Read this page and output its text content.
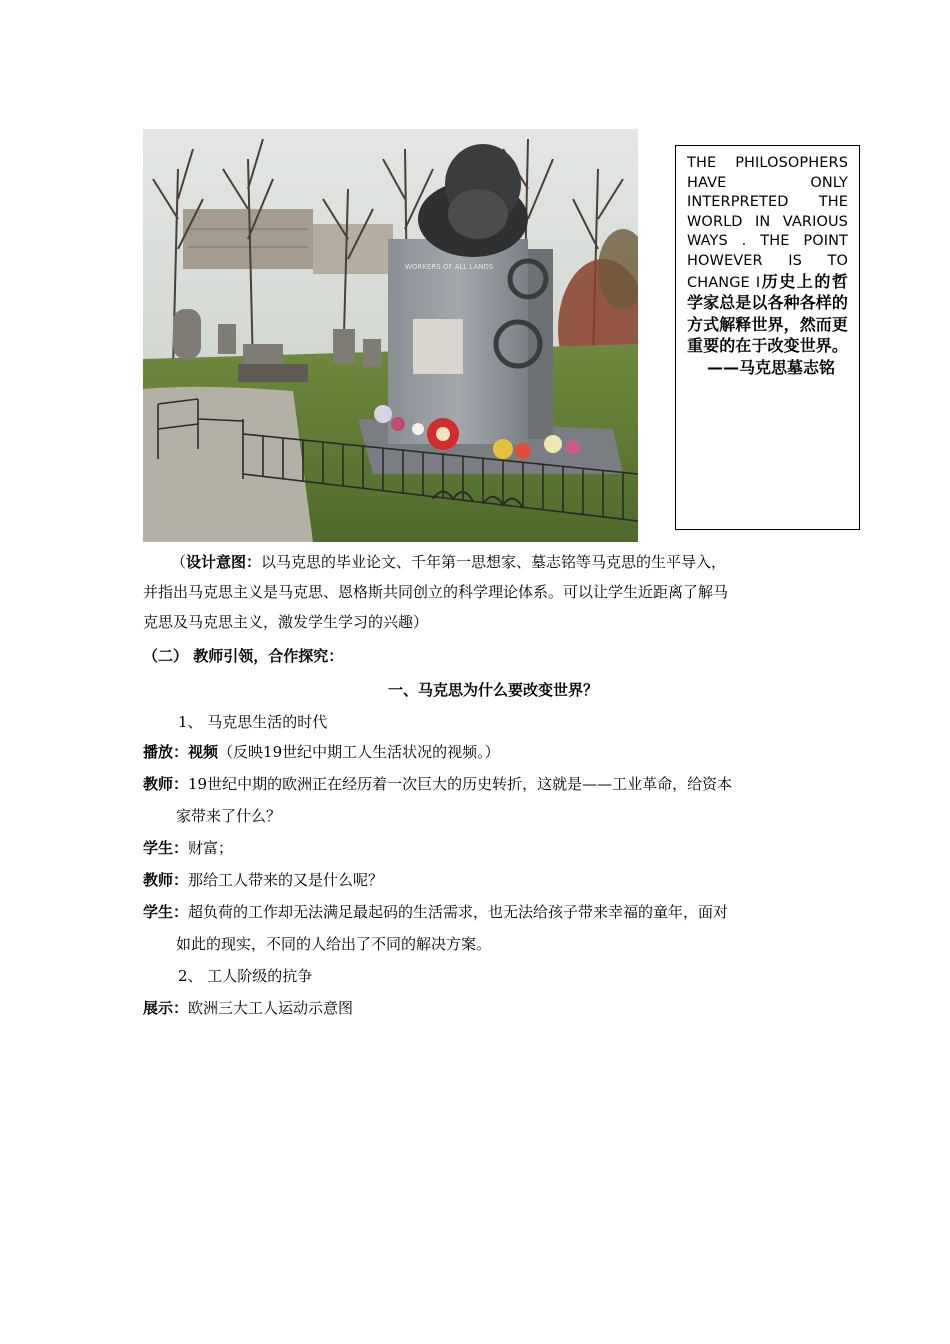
WORKERS OF ALL LANDS

THE PHILOSOPHERS HAVE ONLY INTERPRETED THE WORLD IN VARIOUS WAYS . THE POINT HOWEVER IS TO CHANGE I历史上的哲学家总是以各种各样的方式解释世界，然而更重要的在于改变世界。

——马克思墓志铭

（设计意图：以马克思的毕业论文、千年第一思想家、墓志铭等马克思的生平导入，

并指出马克思主义是马克思、恩格斯共同创立的科学理论体系。可以让学生近距离了解马

克思及马克思主义，激发学生学习的兴趣）

（二） 教师引领，合作探究：

一、马克思为什么要改变世界？

1、 马克思生活的时代

播放：视频（反映19世纪中期工人生活状况的视频。）

教师：19世纪中期的欧洲正在经历着一次巨大的历史转折，这就是——工业革命，给资本

家带来了什么？

学生：财富；

教师：那给工人带来的又是什么呢？

学生：超负荷的工作却无法满足最起码的生活需求，也无法给孩子带来幸福的童年，面对

如此的现实，不同的人给出了不同的解决方案。

2、 工人阶级的抗争

展示：欧洲三大工人运动示意图
